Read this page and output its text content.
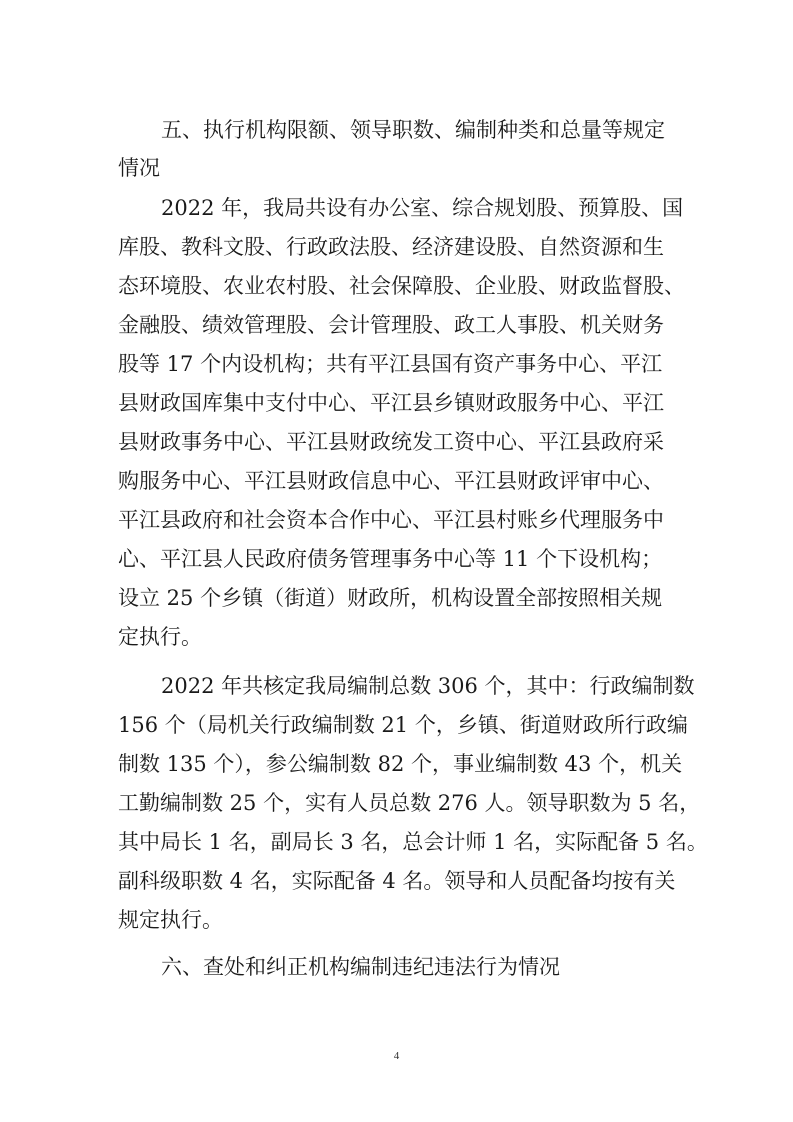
五、执行机构限额、领导职数、编制种类和总量等规定
情况
2022 年，我局共设有办公室、综合规划股、预算股、国
库股、教科文股、行政政法股、经济建设股、自然资源和生
态环境股、农业农村股、社会保障股、企业股、财政监督股、
金融股、绩效管理股、会计管理股、政工人事股、机关财务
股等 17 个内设机构；共有平江县国有资产事务中心、平江
县财政国库集中支付中心、平江县乡镇财政服务中心、平江
县财政事务中心、平江县财政统发工资中心、平江县政府采
购服务中心、平江县财政信息中心、平江县财政评审中心、
平江县政府和社会资本合作中心、平江县村账乡代理服务中
心、平江县人民政府债务管理事务中心等 11 个下设机构；
设立 25 个乡镇（街道）财政所，机构设置全部按照相关规
定执行。
2022 年共核定我局编制总数 306 个，其中：行政编制数
156 个（局机关行政编制数 21 个，乡镇、街道财政所行政编
制数 135 个），参公编制数 82 个，事业编制数 43 个，机关
工勤编制数 25 个，实有人员总数 276 人。领导职数为 5 名，
其中局长 1 名，副局长 3 名，总会计师 1 名，实际配备 5 名。
副科级职数 4 名，实际配备 4 名。领导和人员配备均按有关
规定执行。
六、查处和纠正机构编制违纪违法行为情况
4
